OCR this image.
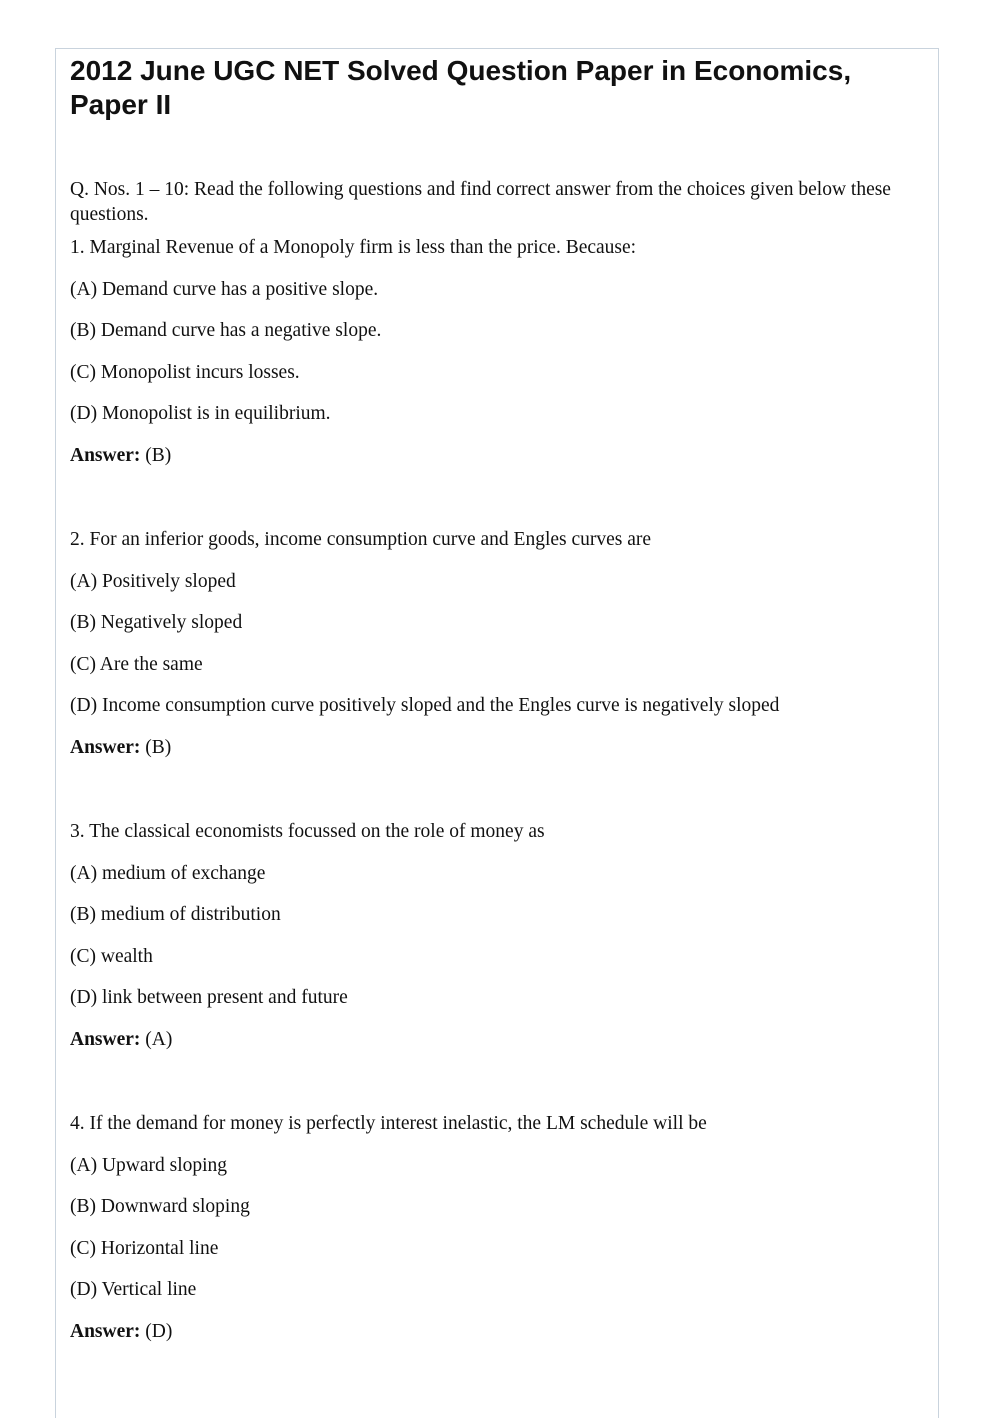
2012 June UGC NET Solved Question Paper in Economics, Paper II

Q. Nos. 1 – 10: Read the following questions and find correct answer from the choices given below these questions.

1. Marginal Revenue of a Monopoly firm is less than the price. Because:

(A) Demand curve has a positive slope.

(B) Demand curve has a negative slope.

(C) Monopolist incurs losses.

(D) Monopolist is in equilibrium.

Answer: (B)

2. For an inferior goods, income consumption curve and Engles curves are

(A) Positively sloped

(B) Negatively sloped

(C) Are the same

(D) Income consumption curve positively sloped and the Engles curve is negatively sloped

Answer: (B)

3. The classical economists focussed on the role of money as

(A) medium of exchange

(B) medium of distribution

(C) wealth

(D) link between present and future

Answer: (A)

4. If the demand for money is perfectly interest inelastic, the LM schedule will be

(A) Upward sloping

(B) Downward sloping

(C) Horizontal line

(D) Vertical line

Answer: (D)
